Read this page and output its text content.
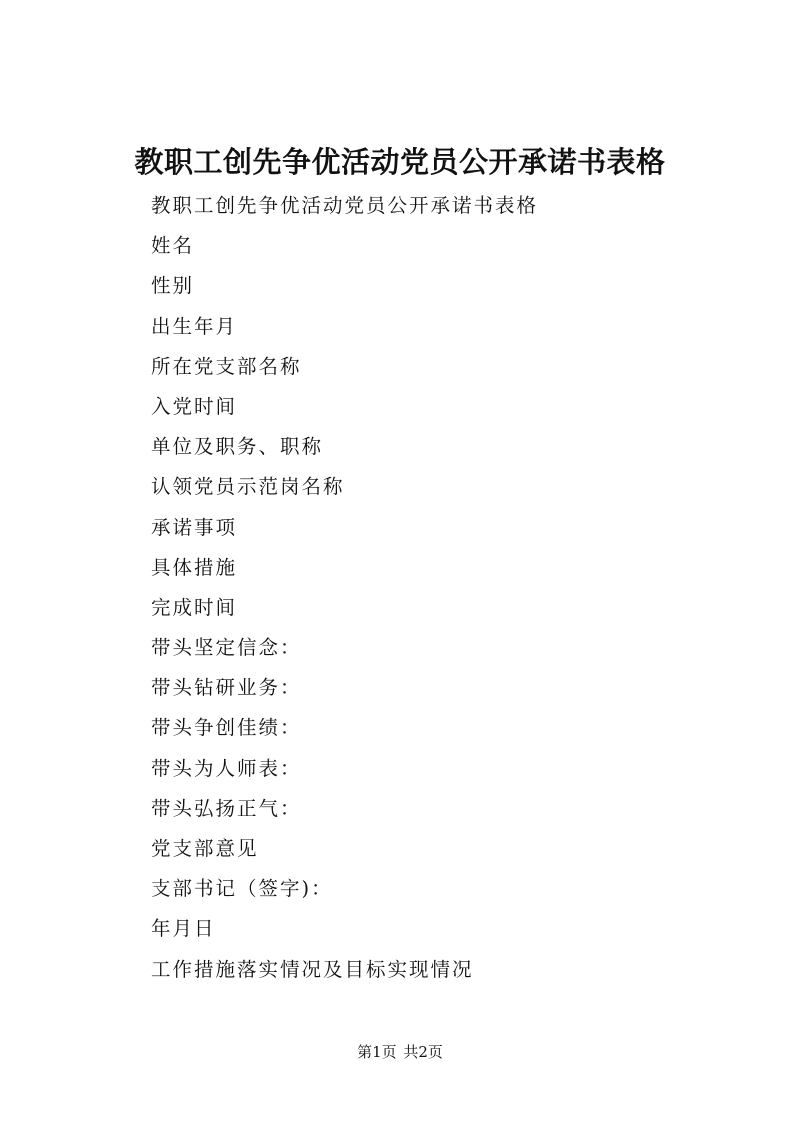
教职工创先争优活动党员公开承诺书表格
教职工创先争优活动党员公开承诺书表格
姓名
性别
出生年月
所在党支部名称
入党时间
单位及职务、职称
认领党员示范岗名称
承诺事项
具体措施
完成时间
带头坚定信念：
带头钻研业务：
带头争创佳绩：
带头为人师表：
带头弘扬正气：
党支部意见
支部书记（签字)：
年月日
工作措施落实情况及目标实现情况
第1页 共2页
